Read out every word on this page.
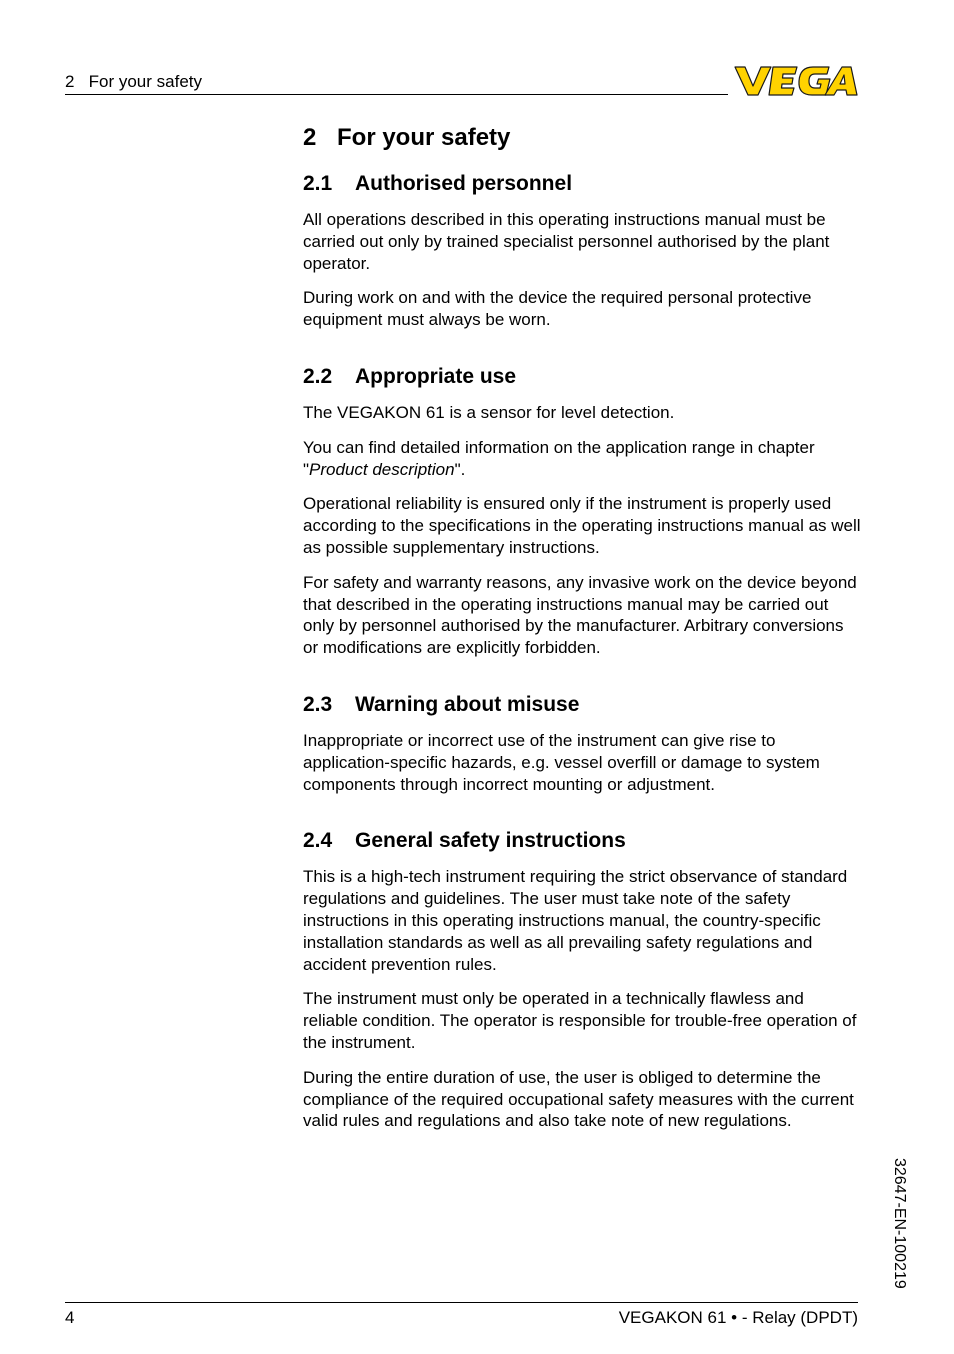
2   For your safety
2 For your safety
2.1 Authorised personnel

All operations described in this operating instructions manual must be carried out only by trained specialist personnel authorised by the plant operator.

During work on and with the device the required personal protective equipment must always be worn.

2.2 Appropriate use

The VEGAKON 61 is a sensor for level detection.

You can find detailed information on the application range in chapter "Product description".

Operational reliability is ensured only if the instrument is properly used according to the specifications in the operating instructions manual as well as possible supplementary instructions.

For safety and warranty reasons, any invasive work on the device beyond that described in the operating instructions manual may be carried out only by personnel authorised by the manufacturer. Arbitrary conversions or modifications are explicitly forbidden.

2.3 Warning about misuse

Inappropriate or incorrect use of the instrument can give rise to application-specific hazards, e.g. vessel overfill or damage to system components through incorrect mounting or adjustment.

2.4 General safety instructions

This is a high-tech instrument requiring the strict observance of standard regulations and guidelines. The user must take note of the safety instructions in this operating instructions manual, the country-specific installation standards as well as all prevailing safety regulations and accident prevention rules.

The instrument must only be operated in a technically flawless and reliable condition. The operator is responsible for trouble-free operation of the instrument.

During the entire duration of use, the user is obliged to determine the compliance of the required occupational safety measures with the current valid rules and regulations and also take note of new regulations.

32647-EN-100219
4	VEGAKON 61 • - Relay (DPDT)
